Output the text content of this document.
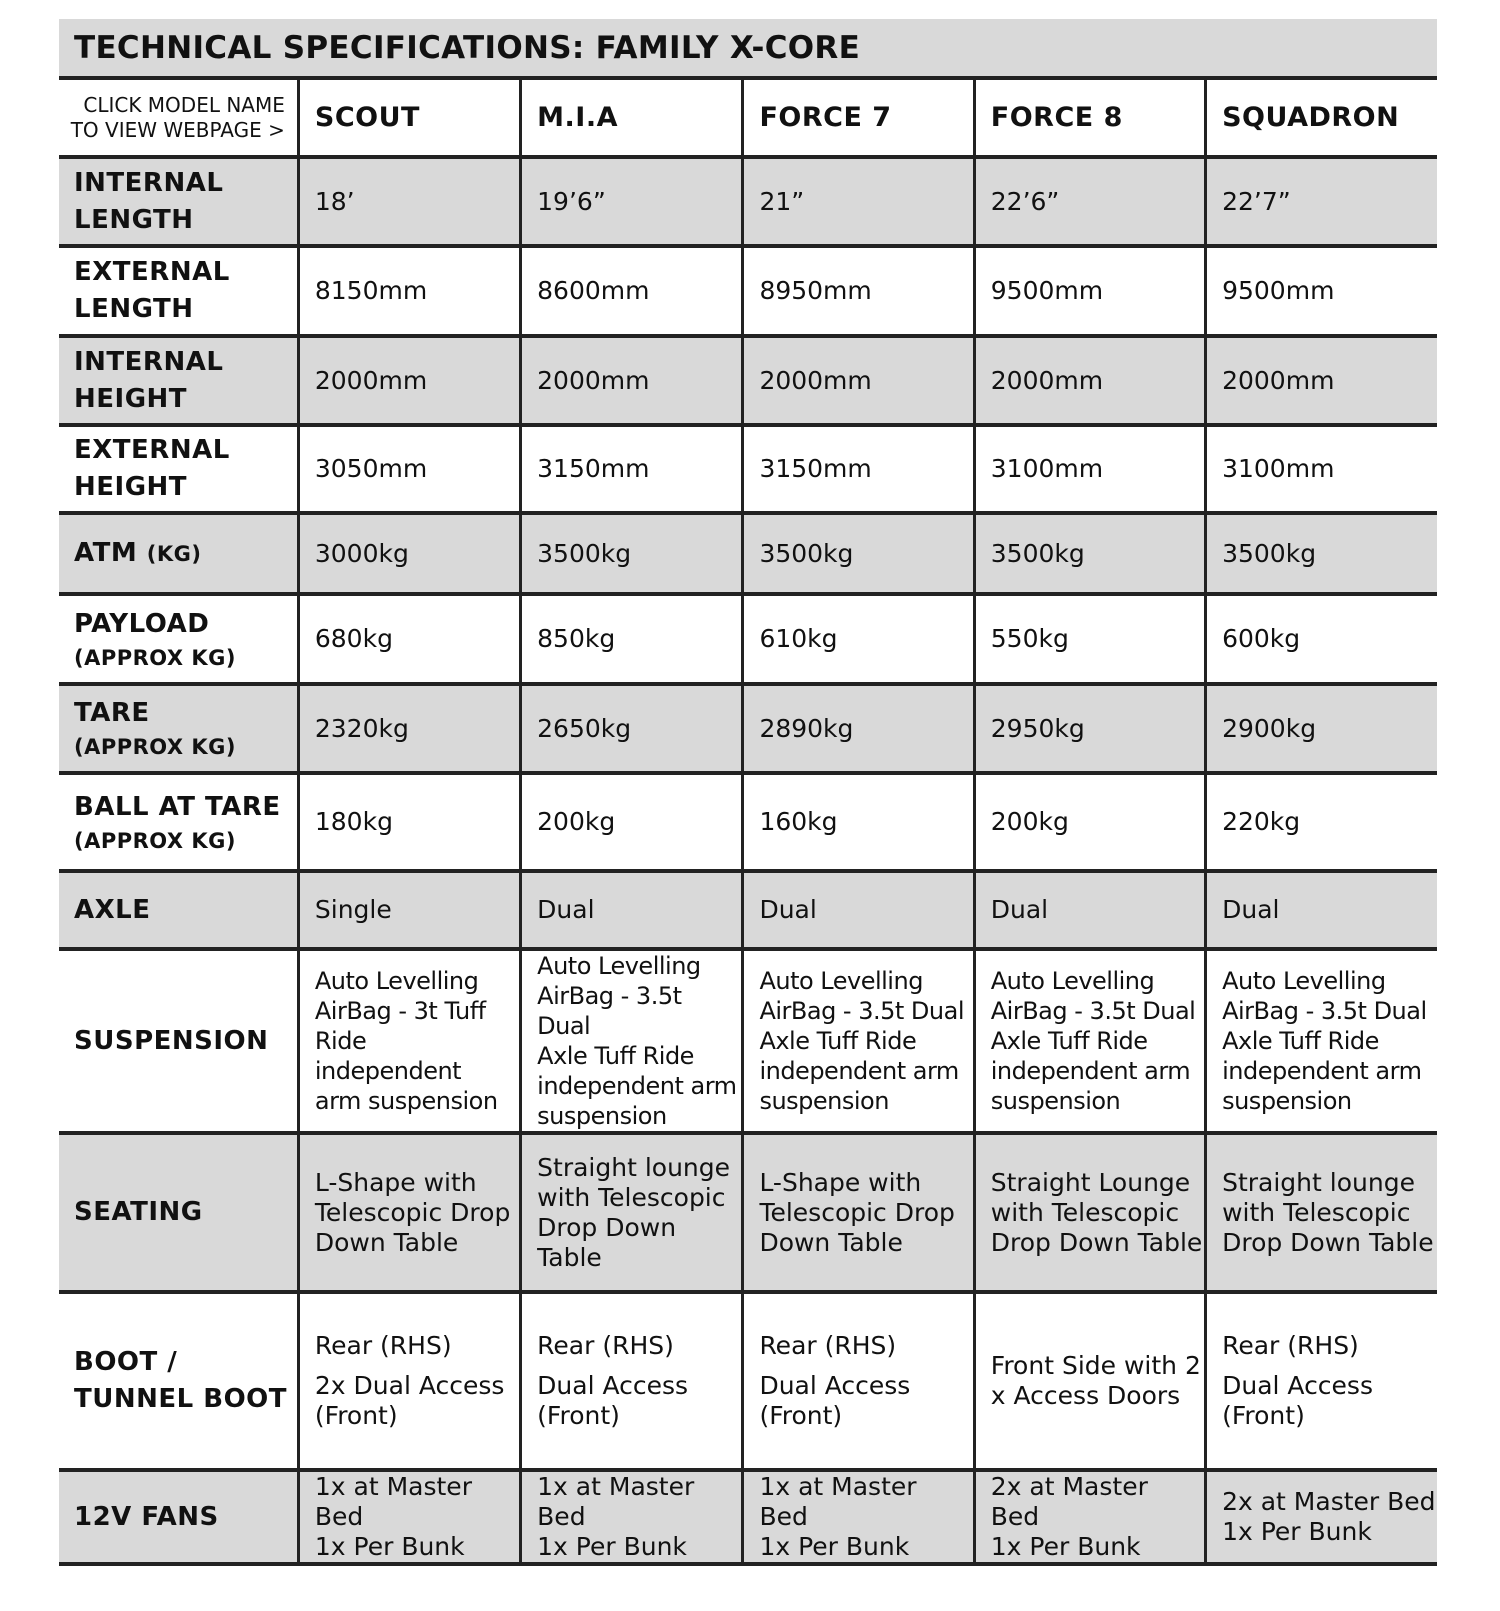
TECHNICAL SPECIFICATIONS: FAMILY X-CORE
CLICK MODEL NAME
TO VIEW WEBPAGE >	SCOUT	M.I.A	FORCE 7	FORCE 8	SQUADRON

INTERNAL
LENGTH	18’	19’6”	21”	22’6”	22’7”

EXTERNAL
LENGTH	8150mm	8600mm	8950mm	9500mm	9500mm

INTERNAL
HEIGHT	2000mm	2000mm	2000mm	2000mm	2000mm

EXTERNAL
HEIGHT	3050mm	3150mm	3150mm	3100mm	3100mm
ATM (KG)	3000kg	3500kg	3500kg	3500kg	3500kg

PAYLOAD
(APPROX KG)	680kg	850kg	610kg	550kg	600kg

TARE
(APPROX KG)	2320kg	2650kg	2890kg	2950kg	2900kg

BALL AT TARE
(APPROX KG)	180kg	200kg	160kg	200kg	220kg
AXLE	Single	Dual	Dual	Dual	Dual
SUSPENSION	Auto Levelling
AirBag - 3t Tuff
Ride independent
arm suspension	Auto Levelling
AirBag - 3.5t Dual
Axle Tuff Ride
independent arm
suspension	Auto Levelling
AirBag - 3.5t Dual
Axle Tuff Ride
independent arm
suspension	Auto Levelling
AirBag - 3.5t Dual
Axle Tuff Ride
independent arm
suspension	Auto Levelling
AirBag - 3.5t Dual
Axle Tuff Ride
independent arm
suspension

SEATING	L-Shape with
Telescopic Drop
Down Table	Straight lounge
with Telescopic
Drop Down Table	L-Shape with
Telescopic Drop
Down Table	Straight Lounge
with Telescopic
Drop Down Table	Straight lounge
with Telescopic
Drop Down Table

BOOT /
TUNNEL BOOT	Rear (RHS)
2x Dual Access
(Front)	Rear (RHS)
Dual Access
(Front)	Rear (RHS)
Dual Access
(Front)	Front Side with 2
x Access Doors	Rear (RHS)
Dual Access
(Front)

12V FANS	1x at Master Bed
1x Per Bunk	1x at Master Bed
1x Per Bunk	1x at Master Bed
1x Per Bunk	2x at Master Bed
1x Per Bunk	2x at Master Bed
1x Per Bunk
